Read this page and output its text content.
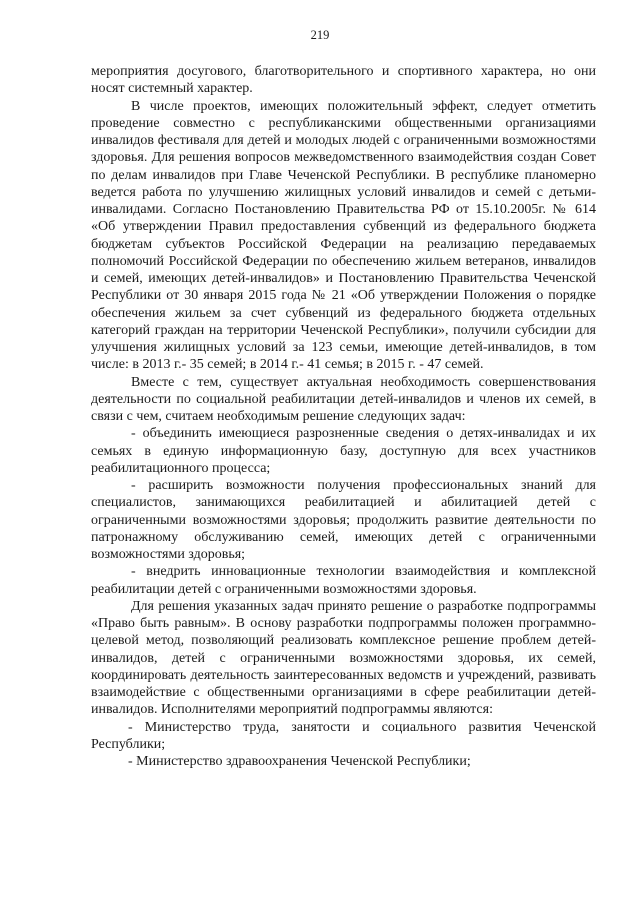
219

мероприятия досугового, благотворительного и спортивного характера, но они носят системный характер.

В числе проектов, имеющих положительный эффект, следует отметить проведение совместно с республиканскими общественными организациями инвалидов фестиваля для детей и молодых людей с ограниченными возможностями здоровья. Для решения вопросов межведомственного взаимодействия создан Совет по делам инвалидов при Главе Чеченской Республики. В республике планомерно ведется работа по улучшению жилищных условий инвалидов и семей с детьми-инвалидами. Согласно Постановлению Правительства РФ от 15.10.2005г. № 614 «Об утверждении Правил предоставления субвенций из федерального бюджета бюджетам субъектов Российской Федерации на реализацию передаваемых полномочий Российской Федерации по обеспечению жильем ветеранов, инвалидов и семей, имеющих детей-инвалидов» и Постановлению Правительства Чеченской Республики от 30 января 2015 года № 21 «Об утверждении Положения о порядке обеспечения жильем за счет субвенций из федерального бюджета отдельных категорий граждан на территории Чеченской Республики», получили субсидии для улучшения жилищных условий за 123 семьи, имеющие детей-инвалидов, в том числе: в 2013 г.- 35 семей; в 2014 г.- 41 семья; в 2015 г. - 47 семей.

Вместе с тем, существует актуальная необходимость совершенствования деятельности по социальной реабилитации детей-инвалидов и членов их семей, в связи с чем, считаем необходимым решение следующих задач:

- объединить имеющиеся разрозненные сведения о детях-инвалидах и их семьях в единую информационную базу, доступную для всех участников реабилитационного процесса;

- расширить возможности получения профессиональных знаний для специалистов, занимающихся реабилитацией и абилитацией детей с ограниченными возможностями здоровья; продолжить развитие деятельности по патронажному обслуживанию семей, имеющих детей с ограниченными возможностями здоровья;

- внедрить инновационные технологии взаимодействия и комплексной реабилитации детей с ограниченными возможностями здоровья.

Для решения указанных задач принято решение о разработке подпрограммы «Право быть равным». В основу разработки подпрограммы положен программно-целевой метод, позволяющий реализовать комплексное решение проблем детей-инвалидов, детей с ограниченными возможностями здоровья, их семей, координировать деятельность заинтересованных ведомств и учреждений, развивать взаимодействие с общественными организациями в сфере реабилитации детей-инвалидов. Исполнителями мероприятий подпрограммы являются:

- Министерство труда, занятости и социального развития Чеченской Республики;

- Министерство здравоохранения Чеченской Республики;
